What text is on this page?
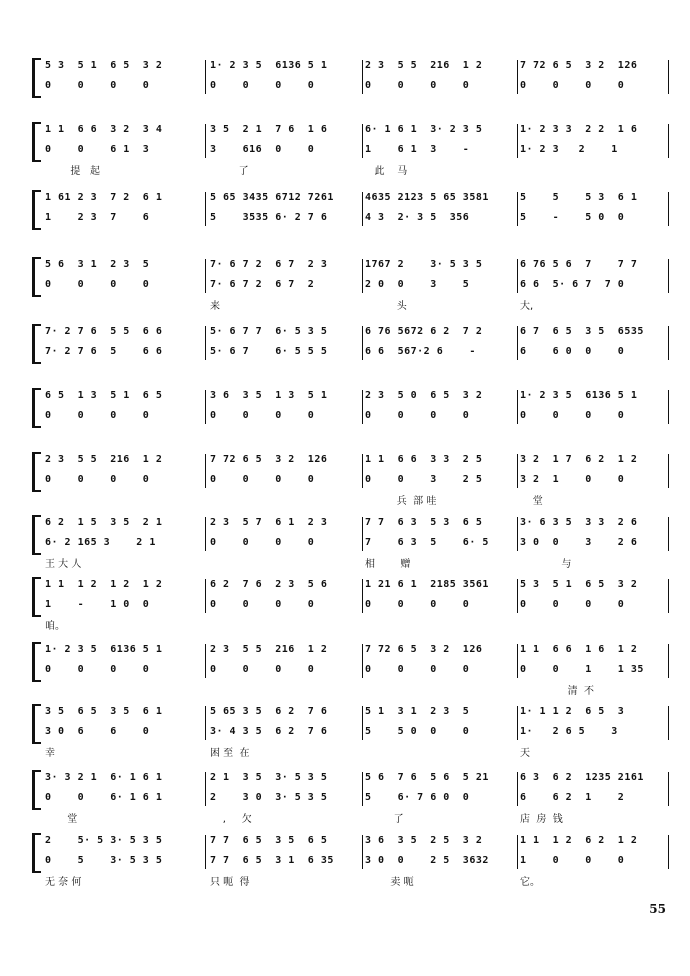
5 3  5 1  6 5  3 2	1· 2 3 5  6136 5 1	2 3  5 5  216  1 2	7 72 6 5  3 2  126
0    0    0    0	0    0    0    0	0    0    0    0	0    0    0    0
1 1  6 6  3 2  3 4	3 5  2 1  7 6  1 6	6· 1 6 1  3· 2 3 5	1· 2 3 3  2 2  1 6
0    0    6 1  3	3    616  0    0	1    6 1  3    -	1· 2 3   2    1
提   起	了	此    马
1 61 2 3  7 2  6 1	5 65 3435 6712 7261	4635 2123 5 65 3581	5    5    5 3  6 1
1    2 3  7    6	5    3535 6· 2 7 6	4 3  2· 3 5  356	5    -    5 0  0
5 6  3 1  2 3  5	7· 6 7 2  6 7  2 3	1767 2    3· 5 3 5	6 76 5 6  7    7 7
0    0    0    0	7· 6 7 2  6 7  2	2 0  0    3    5	6 6  5· 6 7  7 0
来	头	大,
7· 2 7 6  5 5  6 6	5· 6 7 7  6· 5 3 5	6 76 5672 6 2  7 2	6 7  6 5  3 5  6535
7· 2 7 6  5    6 6	5· 6 7    6· 5 5 5	6 6  567·2 6    -	6    6 0  0    0
6 5  1 3  5 1  6 5	3 6  3 5  1 3  5 1	2 3  5 0  6 5  3 2	1· 2 3 5  6136 5 1
0    0    0    0	0    0    0    0	0    0    0    0	0    0    0    0
2 3  5 5  216  1 2	7 72 6 5  3 2  126	1 1  6 6  3 3  2 5	3 2  1 7  6 2  1 2
0    0    0    0	0    0    0    0	0    0    3    2 5	3 2  1    0    0
兵  部 哇	堂
6 2  1 5  3 5  2 1	2 3  5 7  6 1  2 3	7 7  6 3  5 3  6 5	3· 6 3 5  3 3  2 6
6· 2 165 3    2 1	0    0    0    0	7    6 3  5    6· 5	3 0  0    3    2 6
王 大 人	相        赠	与
1 1  1 2  1 2  1 2	6 2  7 6  2 3  5 6	1 21 6 1  2185 3561	5 3  5 1  6 5  3 2
1    -    1 0  0	0    0    0    0	0    0    0    0	0    0    0    0
咱。
1· 2 3 5  6136 5 1	2 3  5 5  216  1 2	7 72 6 5  3 2  126	1 1  6 6  1 6  1 2
0    0    0    0	0    0    0    0	0    0    0    0	0    0    1    1 35
清  不
3 5  6 5  3 5  6 1	5 65 3 5  6 2  7 6	5 1  3 1  2 3  5	1· 1 1 2  6 5  3
3 0  6    6    0	3· 4 3 5  6 2  7 6	5    5 0  0    0	1·   2 6 5    3
幸	困 至  在	天
3· 3 2 1  6· 1 6 1	2 1  3 5  3· 5 3 5	5 6  7 6  5 6  5 21	6 3  6 2  1235 2161
0    0    6· 1 6 1	2    3 0  3· 5 3 5	5    6· 7 6 0  0	6    6 2  1    2
堂	,     欠	了	店  房  钱
2    5· 5 3· 5 3 5	7 7  6 5  3 5  6 5	3 6  3 5  2 5  3 2	1 1  1 2  6 2  1 2
0    5    3· 5 3 5	7 7  6 5  3 1  6 35	3 0  0    2 5  3632	1    0    0    0
无 奈 何	只 呃  得	卖 呃	它。
55
